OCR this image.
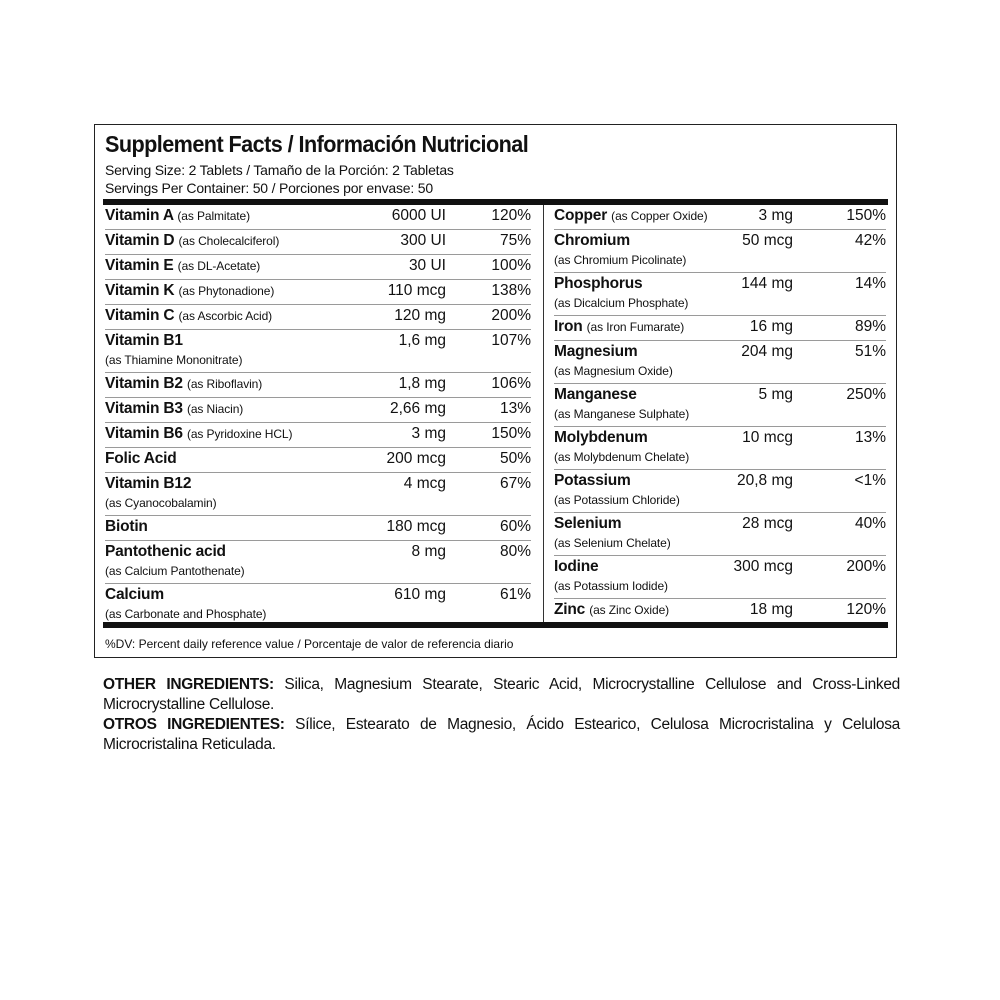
Supplement Facts / Información Nutricional
Serving Size: 2 Tablets / Tamaño de la Porción: 2 Tabletas
Servings Per Container: 50 / Porciones por envase: 50
Vitamin A (as Palmitate)	6000 UI	120%
Vitamin D (as Cholecalciferol)	300 UI	75%
Vitamin E (as DL-Acetate)	30 UI	100%
Vitamin K (as Phytonadione)	110 mcg	138%
Vitamin C (as Ascorbic Acid)	120 mg	200%
Vitamin B1
(as Thiamine Mononitrate)
1,6 mg	107%
Vitamin B2 (as Riboflavin)	1,8 mg	106%
Vitamin B3 (as Niacin)	2,66 mg	13%
Vitamin B6 (as Pyridoxine HCL)	3 mg	150%
Folic Acid	200 mcg	50%
Vitamin B12
(as Cyanocobalamin)
4 mcg	67%
Biotin	180 mcg	60%
Pantothenic acid
(as Calcium Pantothenate)
8 mg	80%
Calcium
(as Carbonate and Phosphate)
610 mg	61%
Copper (as Copper Oxide)	3 mg	150%
Chromium
(as Chromium Picolinate)
50 mcg	42%
Phosphorus
(as Dicalcium Phosphate)
144 mg	14%
Iron (as Iron Fumarate)	16 mg	89%
Magnesium
(as Magnesium Oxide)
204 mg	51%
Manganese
(as Manganese Sulphate)
5 mg	250%
Molybdenum
(as Molybdenum Chelate)
10 mcg	13%
Potassium
(as Potassium Chloride)
20,8 mg	<1%
Selenium
(as Selenium Chelate)
28 mcg	40%
Iodine
(as Potassium Iodide)
300 mcg	200%
Zinc (as Zinc Oxide)	18 mg	120%
%DV: Percent daily reference value / Porcentaje de valor de referencia diario

OTHER INGREDIENTS: Silica, Magnesium Stearate, Stearic Acid, Microcrystalline Cellulose and Cross-Linked Microcrystalline Cellulose.

OTROS INGREDIENTES: Sílice, Estearato de Magnesio, Ácido Estearico, Celulosa Microcristalina y Celulosa Microcristalina Reticulada.
